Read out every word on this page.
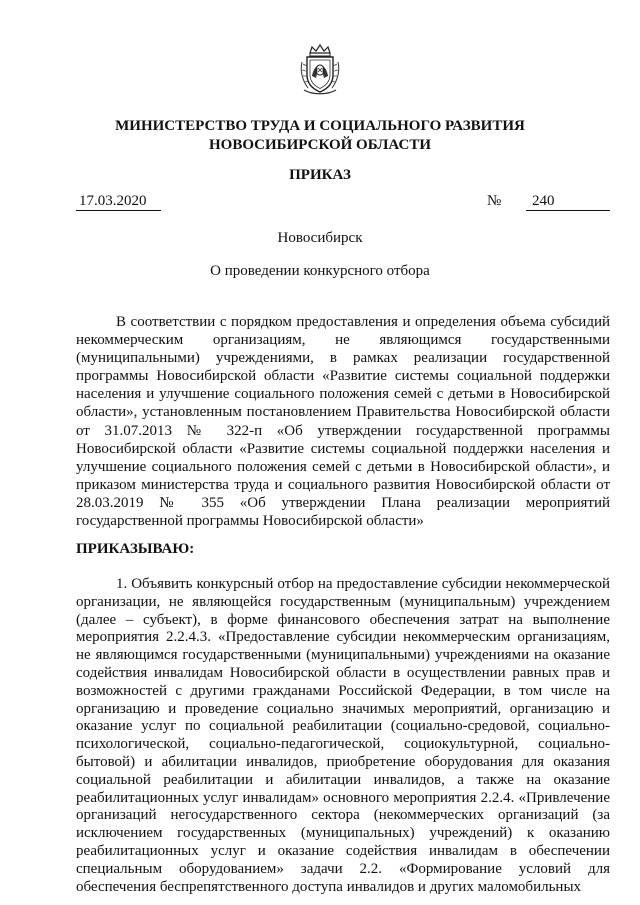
МИНИСТЕРСТВО ТРУДА И СОЦИАЛЬНОГО РАЗВИТИЯ
НОВОСИБИРСКОЙ ОБЛАСТИ
ПРИКАЗ
17.03.2020	№	240
Новосибирск
О проведении конкурсного отбора

В соответствии с порядком предоставления и определения объема субсидий некоммерческим организациям, не являющимся государственными (муниципальными) учреждениями, в рамках реализации государственной программы Новосибирской области «Развитие системы социальной поддержки населения и улучшение социального положения семей с детьми в Новосибирской области», установленным постановлением Правительства Новосибирской области от 31.07.2013 № 322-п «Об утверждении государственной программы Новосибирской области «Развитие системы социальной поддержки населения и улучшение социального положения семей с детьми в Новосибирской области», и приказом министерства труда и социального развития Новосибирской области от 28.03.2019 № 355 «Об утверждении Плана реализации мероприятий государственной программы Новосибирской области»

ПРИКАЗЫВАЮ:

1. Объявить конкурсный отбор на предоставление субсидии некоммерческой организации, не являющейся государственным (муниципальным) учреждением (далее – субъект), в форме финансового обеспечения затрат на выполнение мероприятия 2.2.4.3. «Предоставление субсидии некоммерческим организациям, не являющимся государственными (муниципальными) учреждениями на оказание содействия инвалидам Новосибирской области в осуществлении равных прав и возможностей с другими гражданами Российской Федерации, в том числе на организацию и проведение социально значимых мероприятий, организацию и оказание услуг по социальной реабилитации (социально-средовой, социально-психологической, социально-педагогической, социокультурной, социально-бытовой) и абилитации инвалидов, приобретение оборудования для оказания социальной реабилитации и абилитации инвалидов, а также на оказание реабилитационных услуг инвалидам» основного мероприятия 2.2.4. «Привлечение организаций негосударственного сектора (некоммерческих организаций (за исключением государственных (муниципальных) учреждений) к оказанию реабилитационных услуг и оказание содействия инвалидам в обеспечении специальным оборудованием» задачи 2.2. «Формирование условий для обеспечения беспрепятственного доступа инвалидов и других маломобильных
